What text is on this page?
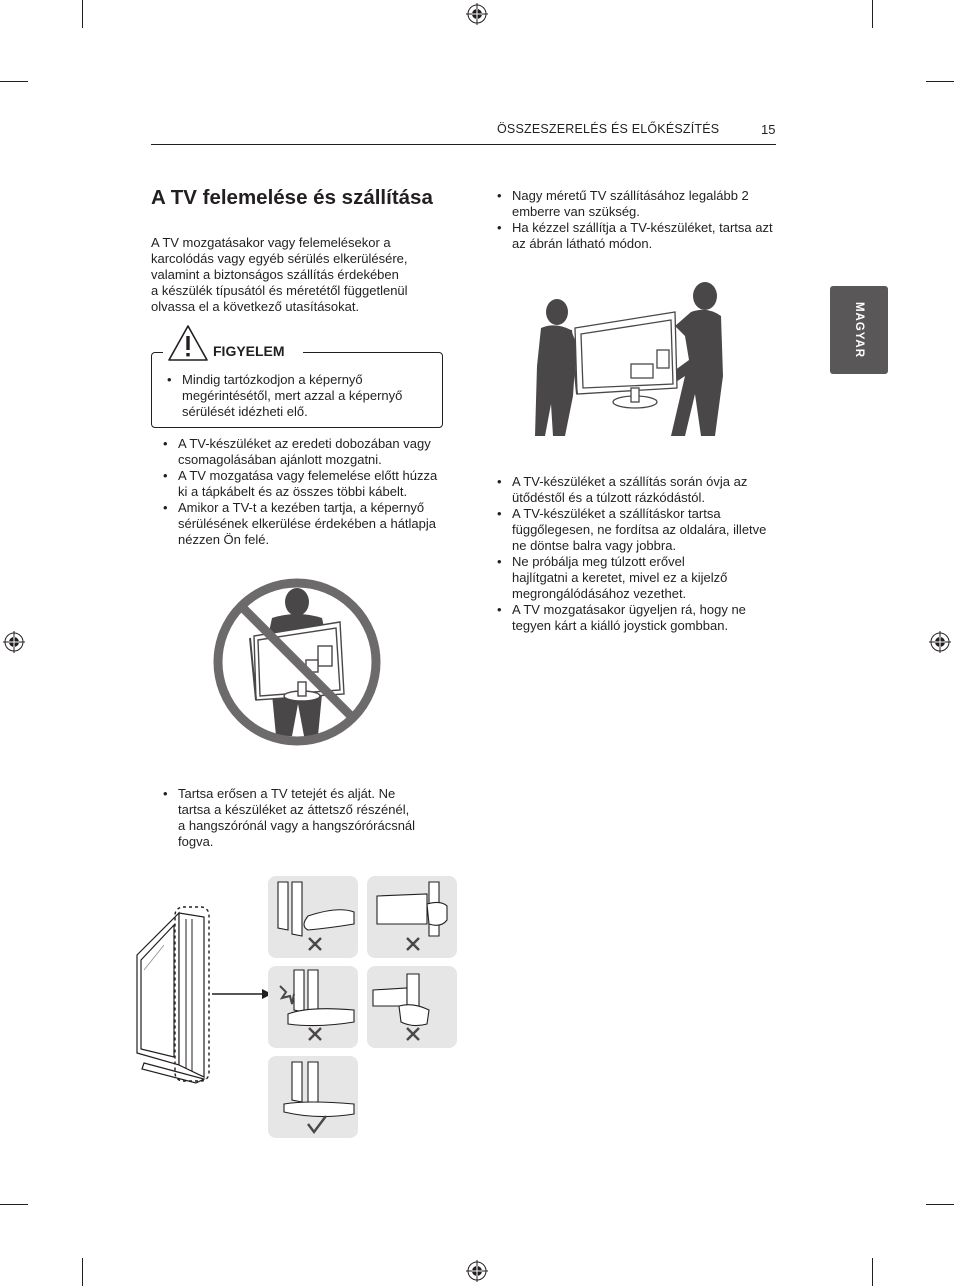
ÖSSZESZERELÉS ÉS ELŐKÉSZÍTÉS	15
MAGYAR
A TV felemelése és szállítása

A TV mozgatásakor vagy felemelésekor a
karcolódás vagy egyéb sérülés elkerülésére,
valamint a biztonságos szállítás érdekében
a készülék típusától és méretétől függetlenül
olvassa el a következő utasításokat.

FIGYELEM
• Mindig tartózkodjon a képernyő
megérintésétől, mert azzal a képernyő
sérülését idézheti elő.
• A TV-készüléket az eredeti dobozában vagy
csomagolásában ajánlott mozgatni.
• A TV mozgatása vagy felemelése előtt húzza
ki a tápkábelt és az összes többi kábelt.
• Amikor a TV-t a kezében tartja, a képernyő
sérülésének elkerülése érdekében a hátlapja
nézzen Ön felé.
• Tartsa erősen a TV tetejét és alját. Ne
tartsa a készüléket az áttetsző részénél,
a hangszórónál vagy a hangszórórácsnál
fogva.
• Nagy méretű TV szállításához legalább 2
emberre van szükség.
• Ha kézzel szállítja a TV-készüléket, tartsa azt
az ábrán látható módon.
• A TV-készüléket a szállítás során óvja az
ütődéstől és a túlzott rázkódástól.
• A TV-készüléket a szállításkor tartsa
függőlegesen, ne fordítsa az oldalára, illetve
ne döntse balra vagy jobbra.
• Ne próbálja meg túlzott erővel
hajlítgatni a keretet, mivel ez a kijelző
megrongálódásához vezethet.
• A TV mozgatásakor ügyeljen rá, hogy ne
tegyen kárt a kiálló joystick gombban.
